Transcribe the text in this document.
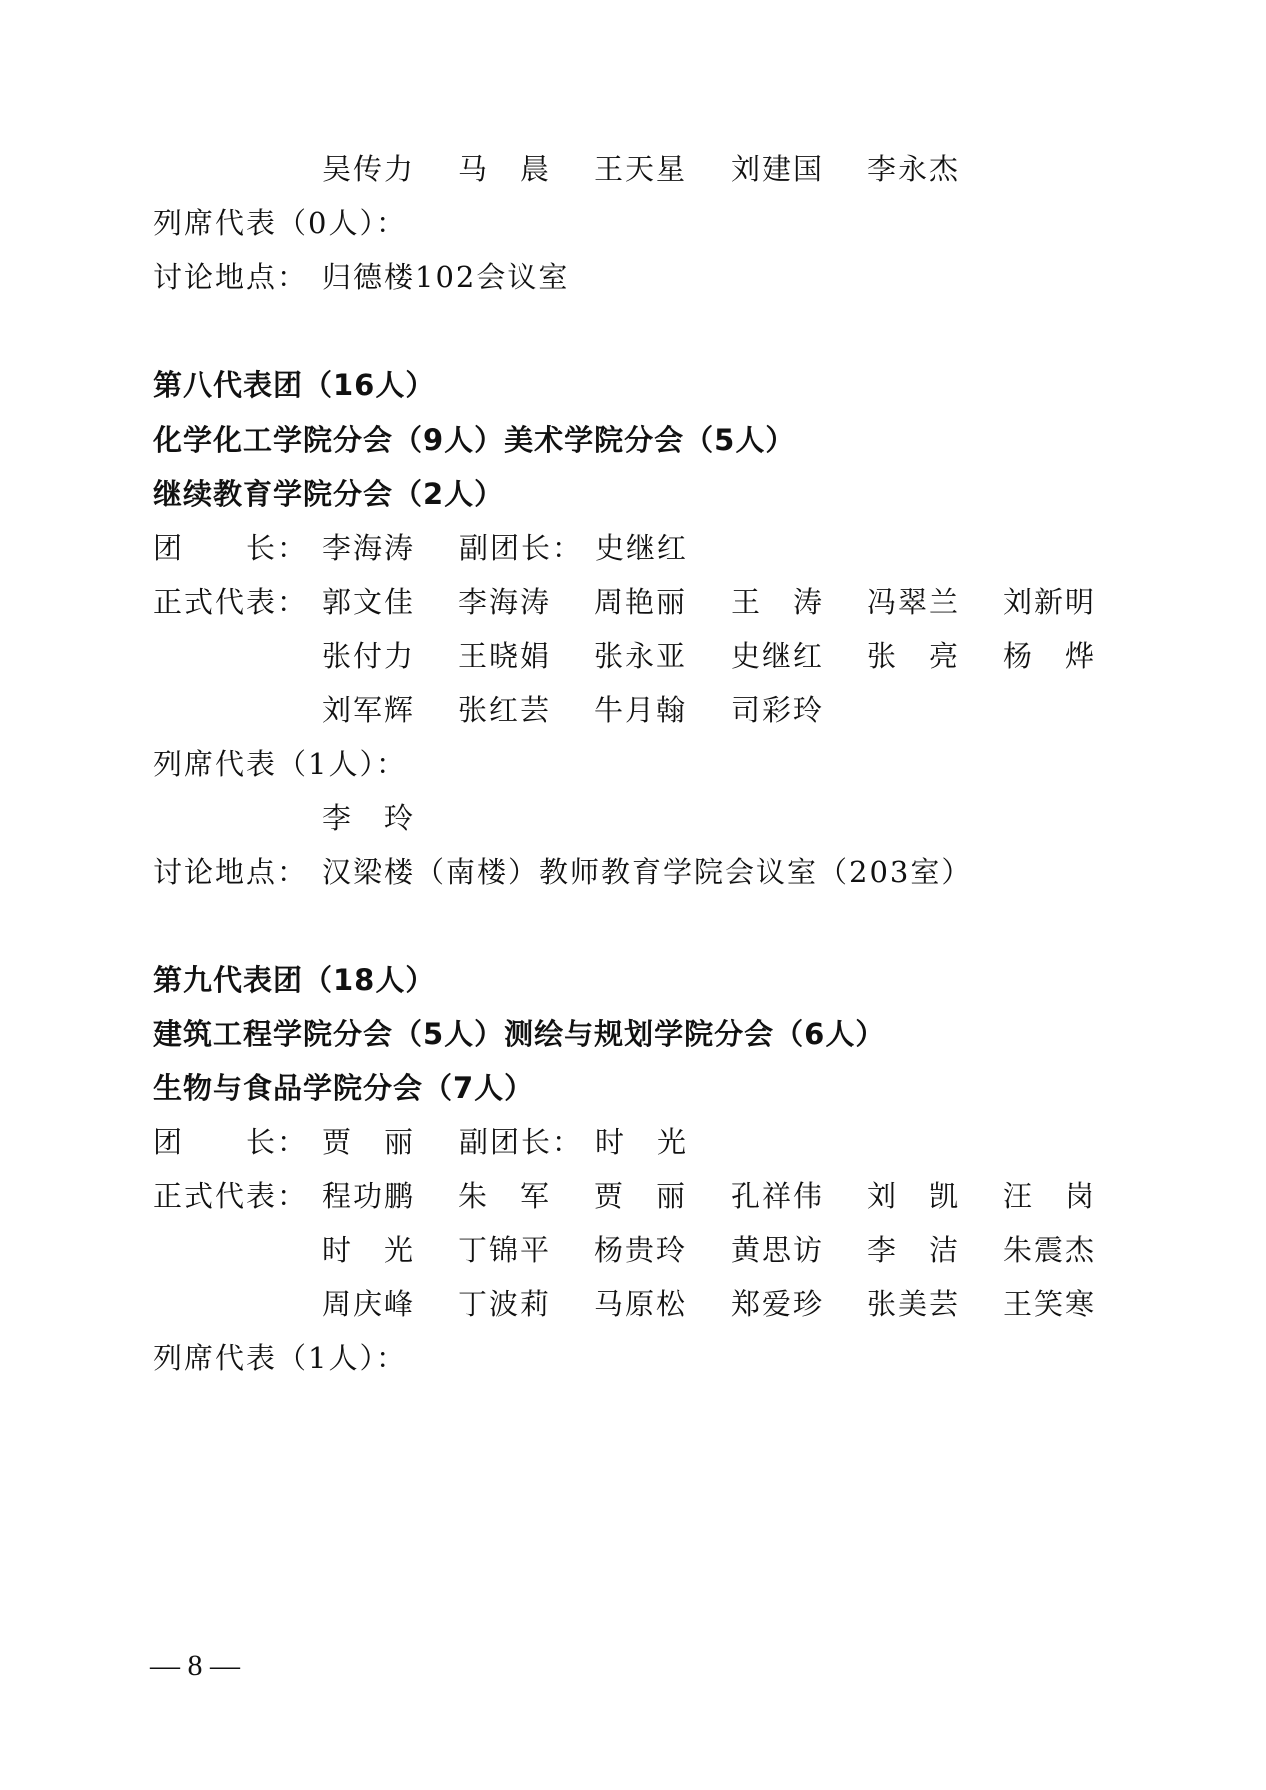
吴传力 马　晨 王天星 刘建国 李永杰
列席代表（0人）：
讨论地点： 归德楼102会议室
第八代表团（16人）
化学化工学院分会（9人）美术学院分会（5人）
继续教育学院分会（2人）
团　　长： 李海涛 副团长： 史继红
正式代表： 郭文佳 李海涛 周艳丽 王　涛 冯翠兰 刘新明
张付力 王晓娟 张永亚 史继红 张　亮 杨　烨
刘军辉 张红芸 牛月翰 司彩玲
列席代表（1人）：
李　玲
讨论地点： 汉梁楼（南楼）教师教育学院会议室（203室）
第九代表团（18人）
建筑工程学院分会（5人）测绘与规划学院分会（6人）
生物与食品学院分会（7人）
团　　长： 贾　丽 副团长： 时　光
正式代表： 程功鹏 朱　军 贾　丽 孔祥伟 刘　凯 汪　岗
时　光 丁锦平 杨贵玲 黄思访 李　洁 朱震杰
周庆峰 丁波莉 马原松 郑爱珍 张美芸 王笑寒
列席代表（1人）：
— 8 —
